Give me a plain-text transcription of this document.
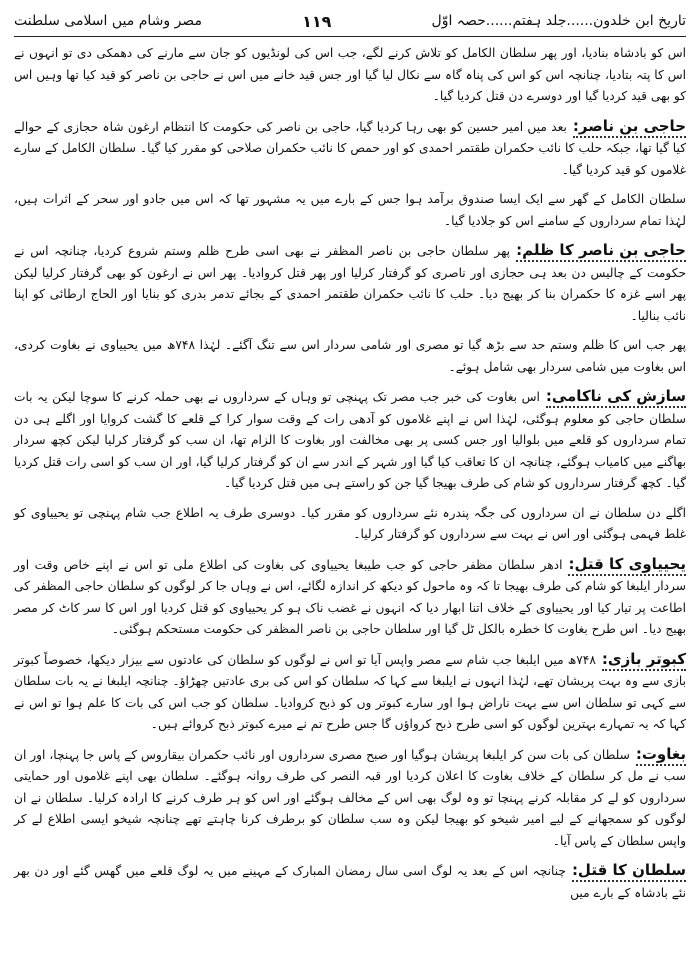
تاریخ ابن خلدون......جلد ہفتم......حصہ اوّل
۱۱۹
مصر وشام میں اسلامی سلطنت

اس کو بادشاہ بنادیا، اور پھر سلطان الکامل کو تلاش کرنے لگے، جب اس کی لونڈیوں کو جان سے مارنے کی دھمکی دی تو انہوں نے اس کا پتہ بتادیا، چنانچہ اس کو اس کی پناہ گاہ سے نکال لیا گیا اور جس قید خانے میں اس نے حاجی بن ناصر کو قید کیا تھا وہیں اس کو بھی قید کردیا گیا اور دوسرے دن قتل کردیا گیا۔

حاجی بن ناصر:بعد میں امیر حسین کو بھی رہا کردیا گیا، حاجی بن ناصر کی حکومت کا انتظام ارغون شاہ حجازی کے حوالے کیا گیا تھا، جبکہ حلب کا نائب حکمران طقتمر احمدی کو اور حمص کا نائب حکمران صلاحی کو مقرر کیا گیا۔ سلطان الکامل کے سارے غلاموں کو قید کردیا گیا۔

سلطان الکامل کے گھر سے ایک ایسا صندوق برآمد ہوا جس کے بارے میں یہ مشہور تھا کہ اس میں جادو اور سحر کے اثرات ہیں، لہٰذا تمام سرداروں کے سامنے اس کو جلادیا گیا۔

حاجی بن ناصر کا ظلم:پھر سلطان حاجی بن ناصر المظفر نے بھی اسی طرح ظلم وستم شروع کردیا، چنانچہ اس نے حکومت کے چالیس دن بعد ہی حجازی اور ناصری کو گرفتار کرلیا اور پھر قتل کروادیا۔ پھر اس نے ارغون کو بھی گرفتار کرلیا لیکن پھر اسے غزہ کا حکمران بنا کر بھیج دیا۔ حلب کا نائب حکمران طقتمر احمدی کے بجائے تدمر بدری کو بنایا اور الحاج ارطائی کو اپنا نائب بنالیا۔

پھر جب اس کا ظلم وستم حد سے بڑھ گیا تو مصری اور شامی سردار اس سے تنگ آگئے۔ لہٰذا ۷۴۸ھ میں یحییاوی نے بغاوت کردی، اس بغاوت میں شامی سردار بھی شامل ہوئے۔

سازش کی ناکامی:اس بغاوت کی خبر جب مصر تک پہنچی تو وہاں کے سرداروں نے بھی حملہ کرنے کا سوچا لیکن یہ بات سلطان حاجی کو معلوم ہوگئی، لہٰذا اس نے اپنے غلاموں کو آدھی رات کے وقت سوار کرا کے قلعے کا گشت کروایا اور اگلے ہی دن تمام سرداروں کو قلعے میں بلوالیا اور جس کسی پر بھی مخالفت اور بغاوت کا الزام تھا، ان سب کو گرفتار کرلیا لیکن کچھ سردار بھاگنے میں کامیاب ہوگئے، چنانچہ ان کا تعاقب کیا گیا اور شہر کے اندر سے ان کو گرفتار کرلیا گیا، اور ان سب کو اسی رات قتل کردیا گیا۔ کچھ گرفتار سرداروں کو شام کی طرف بھیجا گیا جن کو راستے ہی میں قتل کردیا گیا۔

اگلے دن سلطان نے ان سرداروں کی جگہ پندرہ نئے سرداروں کو مقرر کیا۔ دوسری طرف یہ اطلاع جب شام پہنچی تو یحییاوی کو غلط فہمی ہوگئی اور اس نے بہت سے سرداروں کو گرفتار کرلیا۔

یحییاوی کا قتل:ادھر سلطان مظفر حاجی کو جب طیبغا یحییاوی کی بغاوت کی اطلاع ملی تو اس نے اپنے خاص وقت اور سردار ایلبغا کو شام کی طرف بھیجا تا کہ وہ ماحول کو دیکھ کر اندازہ لگائے، اس نے وہاں جا کر لوگوں کو سلطان حاجی المظفر کی اطاعت پر تیار کیا اور یحییاوی کے خلاف اتنا ابھار دیا کہ انہوں نے غضب ناک ہو کر یحییاوی کو قتل کردیا اور اس کا سر کاٹ کر مصر بھیج دیا۔ اس طرح بغاوت کا خطرہ بالکل ٹل گیا اور سلطان حاجی بن ناصر المظفر کی حکومت مستحکم ہوگئی۔

کبوتر بازی:۷۴۸ھ میں ایلبغا جب شام سے مصر واپس آیا تو اس نے لوگوں کو سلطان کی عادتوں سے بیزار دیکھا، خصوصاً کبوتر بازی سے وہ بہت پریشان تھے، لہٰذا انہوں نے ایلبغا سے کہا کہ سلطان کو اس کی بری عادتیں چھڑاؤ۔ چنانچہ ایلبغا نے یہ بات سلطان سے کہی تو سلطان اس سے بہت ناراض ہوا اور سارے کبوتر وں کو ذبح کروادیا۔ سلطان کو جب اس کی بات کا علم ہوا تو اس نے کہا کہ یہ تمہارے بہترین لوگوں کو اسی طرح ذبح کرواؤں گا جس طرح تم نے میرے کبوتر ذبح کروائے ہیں۔

بغاوت:سلطان کی بات سن کر ایلبغا پریشان ہوگیا اور صبح مصری سرداروں اور نائب حکمران بیقاروس کے پاس جا پہنچا، اور ان سب نے مل کر سلطان کے خلاف بغاوت کا اعلان کردیا اور قبہ النصر کی طرف روانہ ہوگئے۔ سلطان بھی اپنے غلاموں اور حمایتی سرداروں کو لے کر مقابلہ کرنے پہنچا تو وہ لوگ بھی اس کے مخالف ہوگئے اور اس کو ہر طرف کرنے کا ارادہ کرلیا۔ سلطان نے ان لوگوں کو سمجھانے کے لیے امیر شیخو کو بھیجا لیکن وہ سب سلطان کو برطرف کرنا چاہتے تھے چنانچہ شیخو ایسی اطلاع لے کر واپس سلطان کے پاس آیا۔

سلطان کا قتل:چنانچہ اس کے بعد یہ لوگ اسی سال رمضان المبارک کے مہینے میں یہ لوگ قلعے میں گھس گئے اور دن بھر نئے بادشاہ کے بارے میں
